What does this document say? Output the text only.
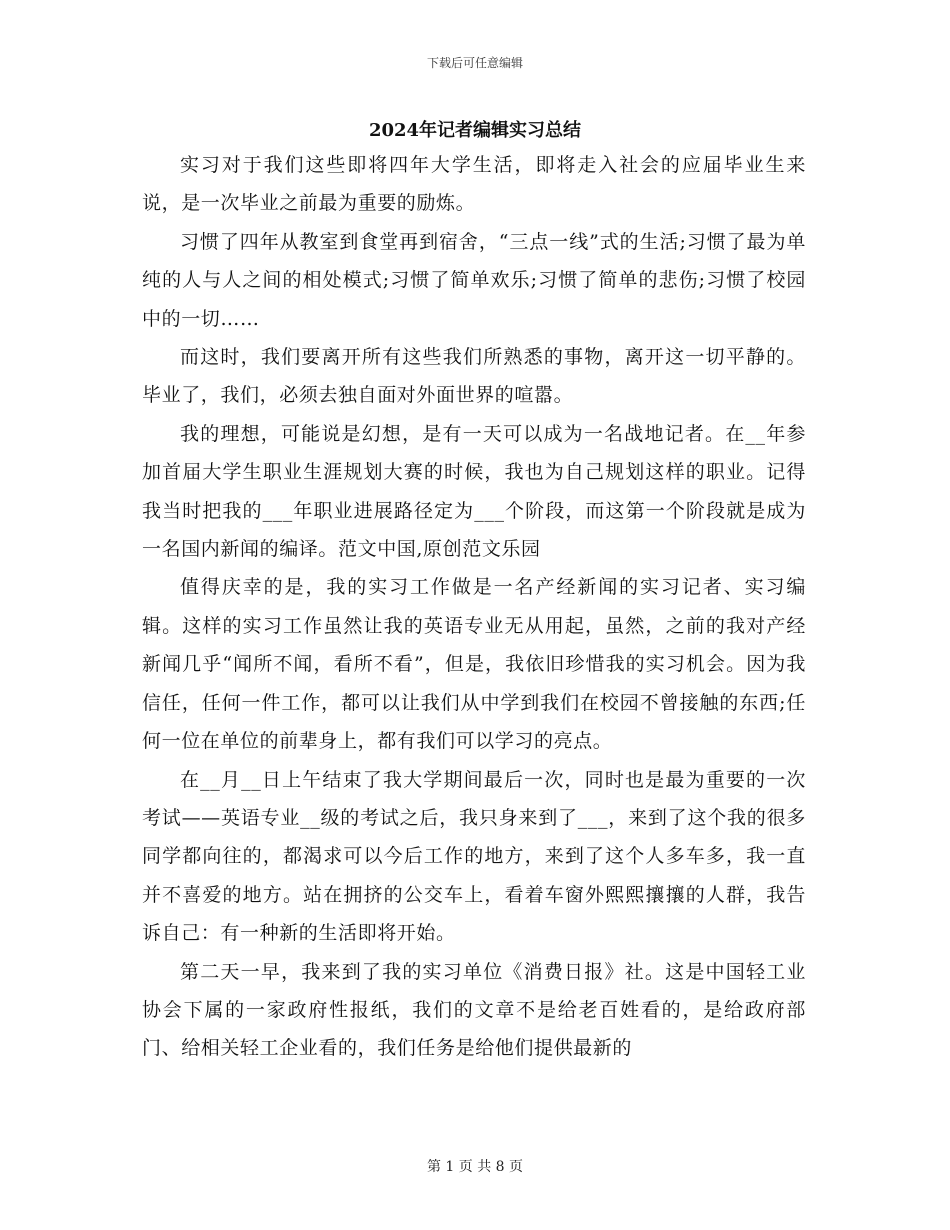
下载后可任意编辑
2024年记者编辑实习总结

实习对于我们这些即将四年大学生活，即将走入社会的应届毕业生来说，是一次毕业之前最为重要的励炼。

习惯了四年从教室到食堂再到宿舍，“三点一线”式的生活;习惯了最为单纯的人与人之间的相处模式;习惯了简单欢乐;习惯了简单的悲伤;习惯了校园中的一切……

而这时，我们要离开所有这些我们所熟悉的事物，离开这一切平静的。毕业了，我们，必须去独自面对外面世界的喧嚣。

我的理想，可能说是幻想，是有一天可以成为一名战地记者。在__年参加首届大学生职业生涯规划大赛的时候，我也为自己规划这样的职业。记得我当时把我的___年职业进展路径定为___个阶段，而这第一个阶段就是成为一名国内新闻的编译。范文中国,原创范文乐园

值得庆幸的是，我的实习工作做是一名产经新闻的实习记者、实习编辑。这样的实习工作虽然让我的英语专业无从用起，虽然，之前的我对产经新闻几乎“闻所不闻，看所不看”，但是，我依旧珍惜我的实习机会。因为我信任，任何一件工作，都可以让我们从中学到我们在校园不曾接触的东西;任何一位在单位的前辈身上，都有我们可以学习的亮点。

在__月__日上午结束了我大学期间最后一次，同时也是最为重要的一次考试——英语专业__级的考试之后，我只身来到了___，来到了这个我的很多同学都向往的，都渴求可以今后工作的地方，来到了这个人多车多，我一直并不喜爱的地方。站在拥挤的公交车上，看着车窗外熙熙攘攘的人群，我告诉自己：有一种新的生活即将开始。

第二天一早，我来到了我的实习单位《消费日报》社。这是中国轻工业协会下属的一家政府性报纸，我们的文章不是给老百姓看的，是给政府部门、给相关轻工企业看的，我们任务是给他们提供最新的

第 1 页 共 8 页
